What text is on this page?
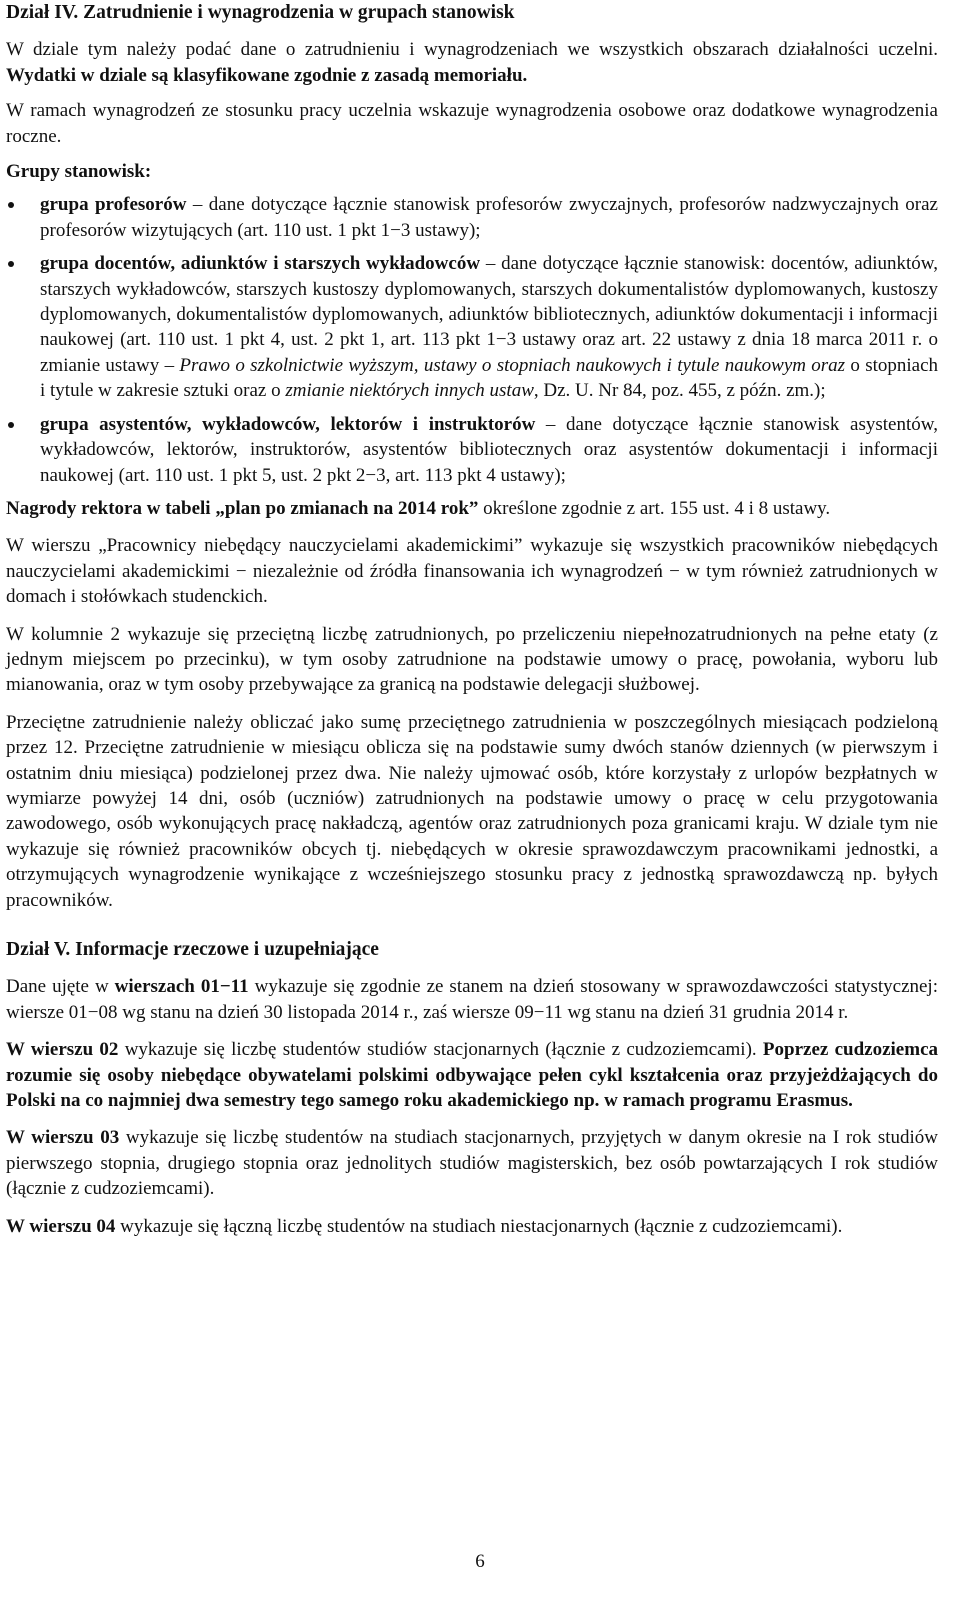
Dział IV. Zatrudnienie i wynagrodzenia w grupach stanowisk

W dziale tym należy podać dane o zatrudnieniu i wynagrodzeniach we wszystkich obszarach działalności uczelni. Wydatki w dziale są klasyfikowane zgodnie z zasadą memoriału.

W ramach wynagrodzeń ze stosunku pracy uczelnia wskazuje wynagrodzenia osobowe oraz dodatkowe wynagrodzenia roczne.

Grupy stanowisk:

grupa profesorów – dane dotyczące łącznie stanowisk profesorów zwyczajnych, profesorów nadzwyczajnych oraz profesorów wizytujących (art. 110 ust. 1 pkt 1−3 ustawy);
grupa docentów, adiunktów i starszych wykładowców – dane dotyczące łącznie stanowisk: docentów, adiunktów, starszych wykładowców, starszych kustoszy dyplomowanych, starszych dokumentalistów dyplomowanych, kustoszy dyplomowanych, dokumentalistów dyplomowanych, adiunktów bibliotecznych, adiunktów dokumentacji i informacji naukowej (art. 110 ust. 1 pkt 4, ust. 2 pkt 1, art. 113 pkt 1−3 ustawy oraz art. 22 ustawy z dnia 18 marca 2011 r. o zmianie ustawy – Prawo o szkolnictwie wyższym, ustawy o stopniach naukowych i tytule naukowym oraz o stopniach i tytule w zakresie sztuki oraz o zmianie niektórych innych ustaw, Dz. U. Nr 84, poz. 455, z późn. zm.);
grupa asystentów, wykładowców, lektorów i instruktorów – dane dotyczące łącznie stanowisk asystentów, wykładowców, lektorów, instruktorów, asystentów bibliotecznych oraz asystentów dokumentacji i informacji naukowej (art. 110 ust. 1 pkt 5, ust. 2 pkt 2−3, art. 113 pkt 4 ustawy);

Nagrody rektora w tabeli „plan po zmianach na 2014 rok” określone zgodnie z art. 155 ust. 4 i 8 ustawy.

W wierszu „Pracownicy niebędący nauczycielami akademickimi” wykazuje się wszystkich pracowników niebędących nauczycielami akademickimi − niezależnie od źródła finansowania ich wynagrodzeń − w tym również zatrudnionych w domach i stołówkach studenckich.

W kolumnie 2 wykazuje się przeciętną liczbę zatrudnionych, po przeliczeniu niepełnozatrudnionych na pełne etaty (z jednym miejscem po przecinku), w tym osoby zatrudnione na podstawie umowy o pracę, powołania, wyboru lub mianowania, oraz w tym osoby przebywające za granicą na podstawie delegacji służbowej.

Przeciętne zatrudnienie należy obliczać jako sumę przeciętnego zatrudnienia w poszczególnych miesiącach podzieloną przez 12. Przeciętne zatrudnienie w miesiącu oblicza się na podstawie sumy dwóch stanów dziennych (w pierwszym i ostatnim dniu miesiąca) podzielonej przez dwa. Nie należy ujmować osób, które korzystały z urlopów bezpłatnych w wymiarze powyżej 14 dni, osób (uczniów) zatrudnionych na podstawie umowy o pracę w celu przygotowania zawodowego, osób wykonujących pracę nakładczą, agentów oraz zatrudnionych poza granicami kraju. W dziale tym nie wykazuje się również pracowników obcych tj. niebędących w okresie sprawozdawczym pracownikami jednostki, a otrzymujących wynagrodzenie wynikające z wcześniejszego stosunku pracy z jednostką sprawozdawczą np. byłych pracowników.

Dział V. Informacje rzeczowe i uzupełniające

Dane ujęte w wierszach 01−11 wykazuje się zgodnie ze stanem na dzień stosowany w sprawozdawczości statystycznej: wiersze 01−08 wg stanu na dzień 30 listopada 2014 r., zaś wiersze 09−11 wg stanu na dzień 31 grudnia 2014 r.

W wierszu 02 wykazuje się liczbę studentów studiów stacjonarnych (łącznie z cudzoziemcami). Poprzez cudzoziemca rozumie się osoby niebędące obywatelami polskimi odbywające pełen cykl kształcenia oraz przyjeżdżających do Polski na co najmniej dwa semestry tego samego roku akademickiego np. w ramach programu Erasmus.

W wierszu 03 wykazuje się liczbę studentów na studiach stacjonarnych, przyjętych w danym okresie na I rok studiów pierwszego stopnia, drugiego stopnia oraz jednolitych studiów magisterskich, bez osób powtarzających I rok studiów (łącznie z cudzoziemcami).

W wierszu 04 wykazuje się łączną liczbę studentów na studiach niestacjonarnych (łącznie z cudzoziemcami).

6
